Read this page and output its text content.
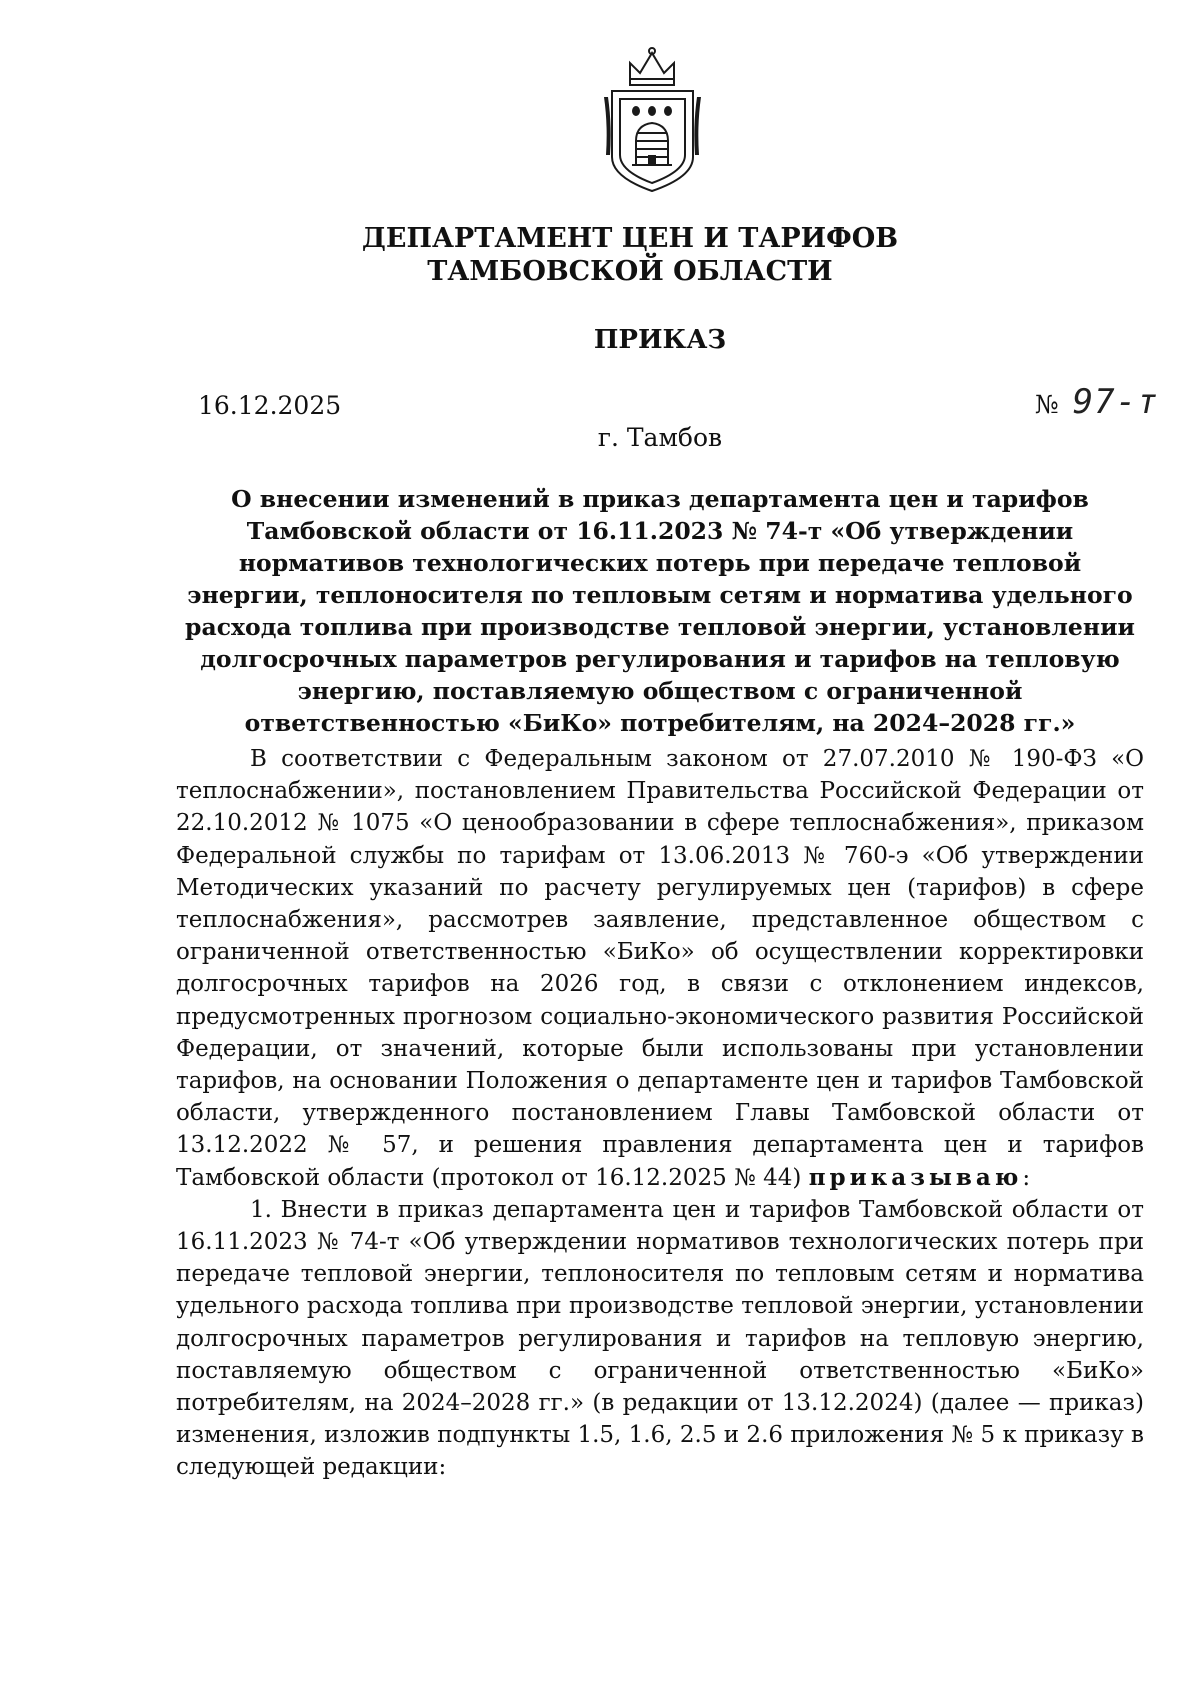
ДЕПАРТАМЕНТ ЦЕН И ТАРИФОВ
ТАМБОВСКОЙ ОБЛАСТИ
ПРИКАЗ
16.12.2025	№ 97-т
г. Тамбов
О внесении изменений в приказ департамента цен и тарифов Тамбовской области от 16.11.2023 № 74-т «Об утверждении нормативов технологических потерь при передаче тепловой энергии, теплоносителя по тепловым сетям и норматива удельного расхода топлива при производстве тепловой энергии, установлении долгосрочных параметров регулирования и тарифов на тепловую энергию, поставляемую обществом с ограниченной ответственностью «БиКо» потребителям, на 2024–2028 гг.»

В соответствии с Федеральным законом от 27.07.2010 № 190-ФЗ «О теплоснабжении», постановлением Правительства Российской Федерации от 22.10.2012 № 1075 «О ценообразовании в сфере теплоснабжения», приказом Федеральной службы по тарифам от 13.06.2013 № 760-э «Об утверждении Методических указаний по расчету регулируемых цен (тарифов) в сфере теплоснабжения», рассмотрев заявление, представленное обществом с ограниченной ответственностью «БиКо» об осуществлении корректировки долгосрочных тарифов на 2026 год, в связи с отклонением индексов, предусмотренных прогнозом социально-экономического развития Российской Федерации, от значений, которые были использованы при установлении тарифов, на основании Положения о департаменте цен и тарифов Тамбовской области, утвержденного постановлением Главы Тамбовской области от 13.12.2022 № 57, и решения правления департамента цен и тарифов Тамбовской области (протокол от 16.12.2025 № 44) приказываю:

1. Внести в приказ департамента цен и тарифов Тамбовской области от 16.11.2023 № 74-т «Об утверждении нормативов технологических потерь при передаче тепловой энергии, теплоносителя по тепловым сетям и норматива удельного расхода топлива при производстве тепловой энергии, установлении долгосрочных параметров регулирования и тарифов на тепловую энергию, поставляемую обществом с ограниченной ответственностью «БиКо» потребителям, на 2024–2028 гг.» (в редакции от 13.12.2024) (далее — приказ) изменения, изложив подпункты 1.5, 1.6, 2.5 и 2.6 приложения № 5 к приказу в следующей редакции:
